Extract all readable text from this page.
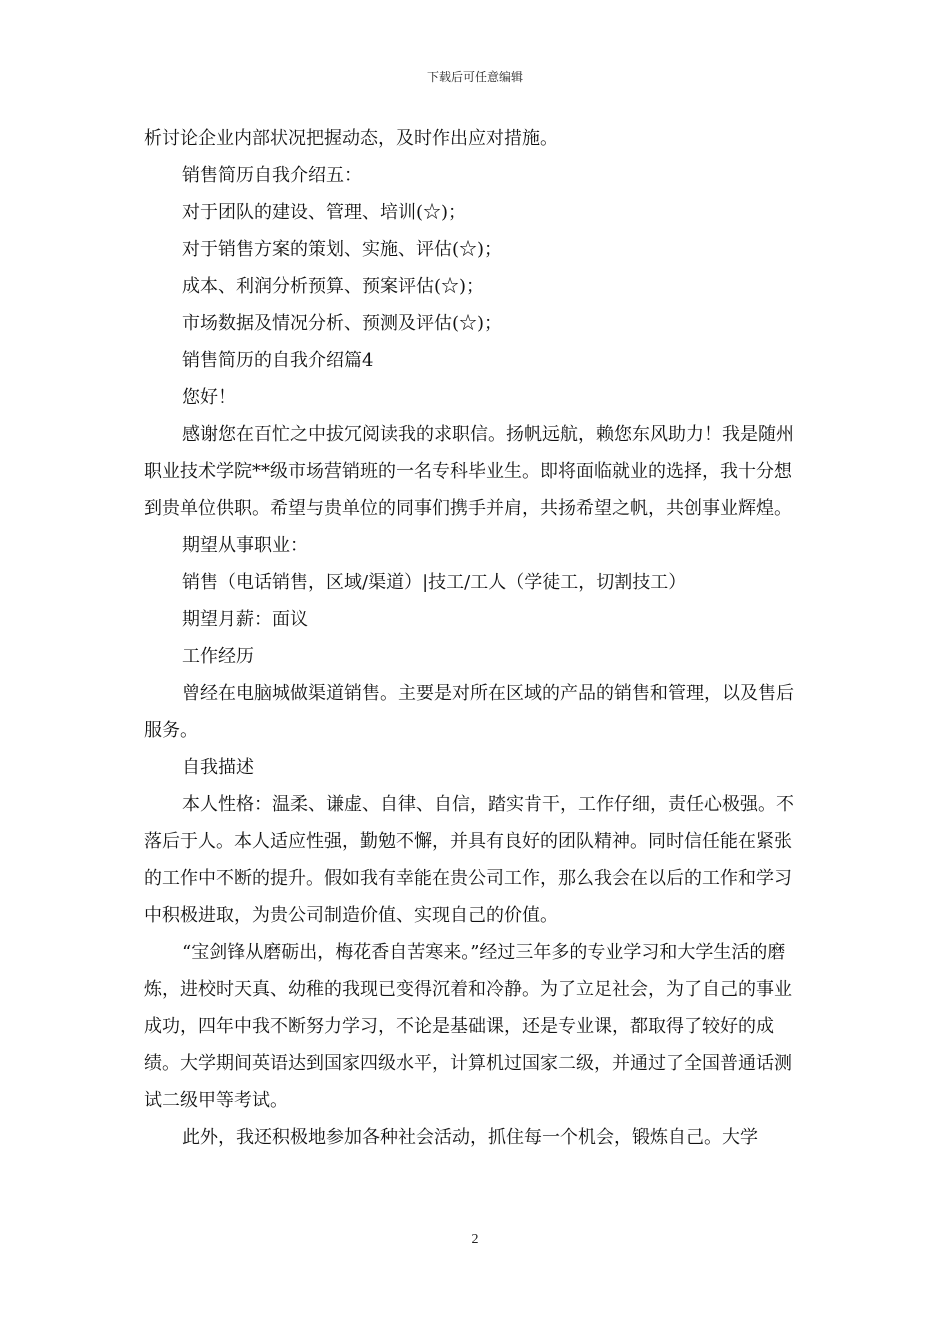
下载后可任意编辑

析讨论企业内部状况把握动态，及时作出应对措施。

销售简历自我介绍五：

对于团队的建设、管理、培训(☆)；

对于销售方案的策划、实施、评估(☆)；

成本、利润分析预算、预案评估(☆)；

市场数据及情况分析、预测及评估(☆)；

销售简历的自我介绍篇4

您好！

感谢您在百忙之中拔冗阅读我的求职信。扬帆远航，赖您东风助力！我是随州职业技术学院**级市场营销班的一名专科毕业生。即将面临就业的选择，我十分想到贵单位供职。希望与贵单位的同事们携手并肩，共扬希望之帆，共创事业辉煌。

期望从事职业：

销售（电话销售，区域/渠道）|技工/工人（学徒工，切割技工）

期望月薪：面议

工作经历

曾经在电脑城做渠道销售。主要是对所在区域的产品的销售和管理，以及售后服务。

自我描述

本人性格：温柔、谦虚、自律、自信，踏实肯干，工作仔细，责任心极强。不落后于人。本人适应性强，勤勉不懈，并具有良好的团队精神。同时信任能在紧张的工作中不断的提升。假如我有幸能在贵公司工作，那么我会在以后的工作和学习中积极进取，为贵公司制造价值、实现自己的价值。

“宝剑锋从磨砺出，梅花香自苦寒来。”经过三年多的专业学习和大学生活的磨炼，进校时天真、幼稚的我现已变得沉着和冷静。为了立足社会，为了自己的事业成功，四年中我不断努力学习，不论是基础课，还是专业课，都取得了较好的成绩。大学期间英语达到国家四级水平，计算机过国家二级，并通过了全国普通话测试二级甲等考试。

此外，我还积极地参加各种社会活动，抓住每一个机会，锻炼自己。大学

2
